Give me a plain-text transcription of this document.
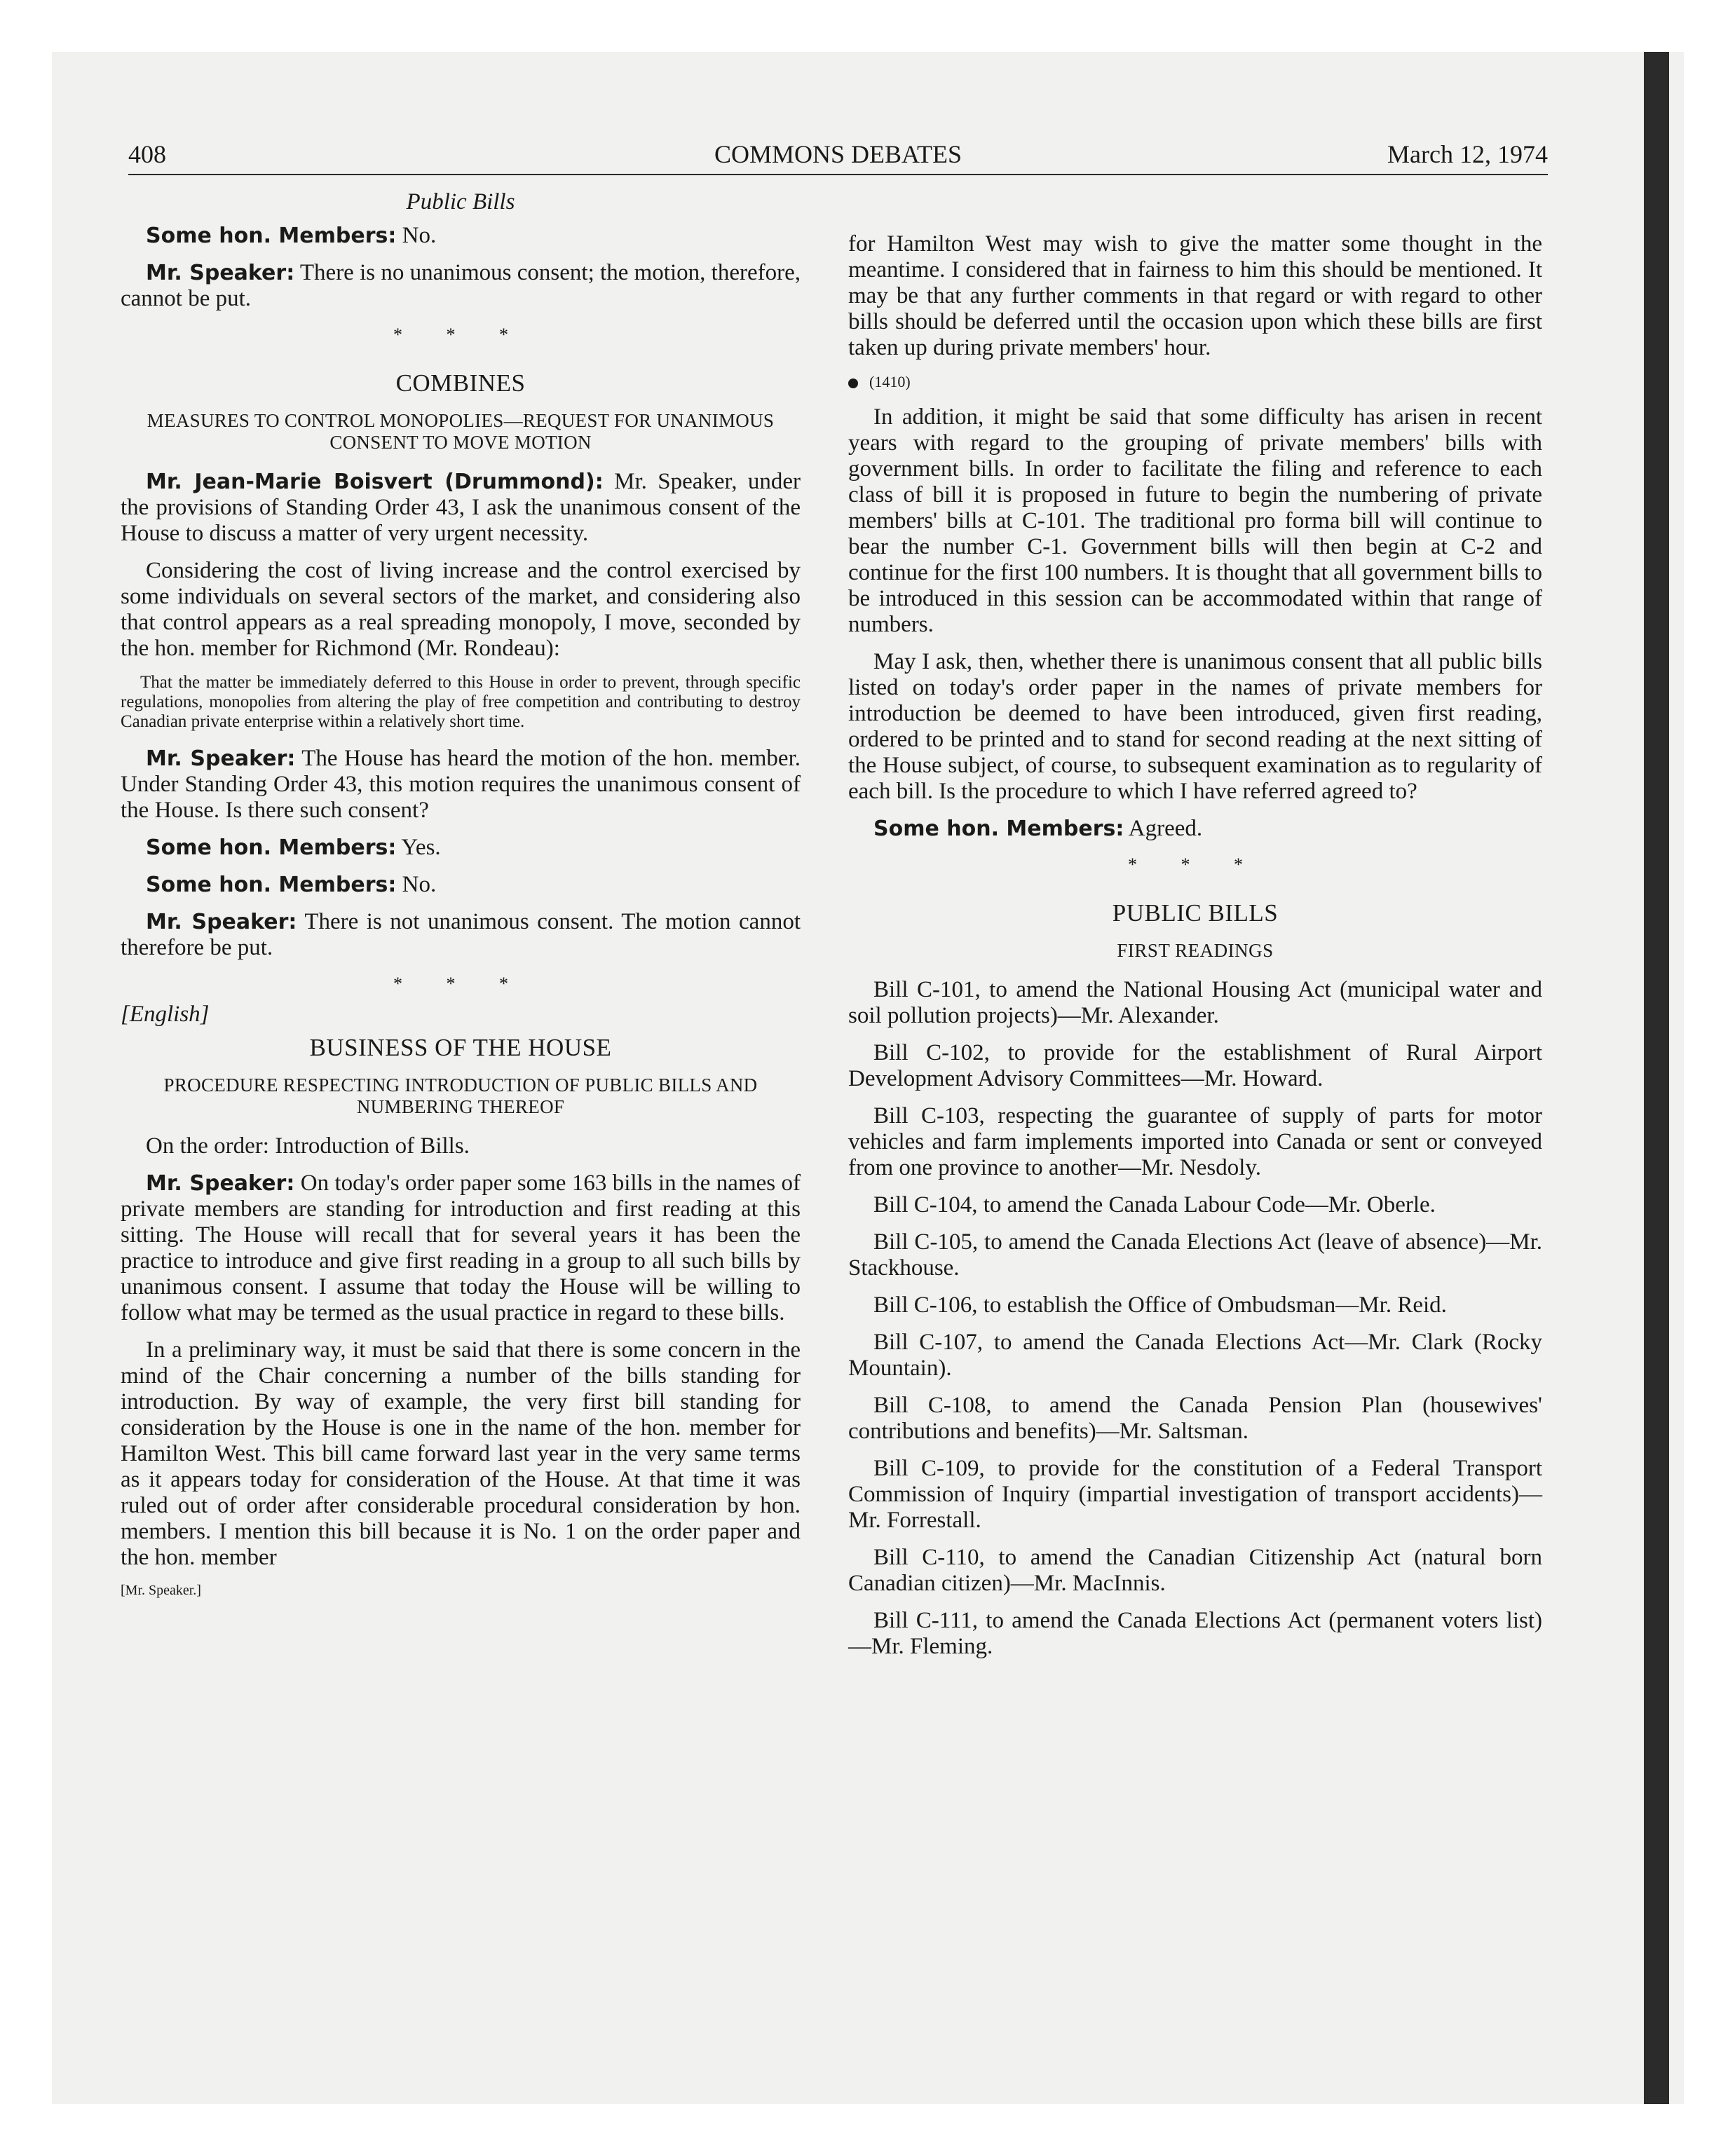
408	COMMONS DEBATES	March 12, 1974
Public Bills

Some hon. Members: No.

Mr. Speaker: There is no unanimous consent; the motion, therefore, cannot be put.

* * *
COMBINES
MEASURES TO CONTROL MONOPOLIES—REQUEST FOR UNANIMOUS CONSENT TO MOVE MOTION

Mr. Jean-Marie Boisvert (Drummond): Mr. Speaker, under the provisions of Standing Order 43, I ask the unanimous consent of the House to discuss a matter of very urgent necessity.

Considering the cost of living increase and the control exercised by some individuals on several sectors of the market, and considering also that control appears as a real spreading monopoly, I move, seconded by the hon. member for Richmond (Mr. Rondeau):

That the matter be immediately deferred to this House in order to prevent, through specific regulations, monopolies from altering the play of free competition and contributing to destroy Canadian private enterprise within a relatively short time.

Mr. Speaker: The House has heard the motion of the hon. member. Under Standing Order 43, this motion requires the unanimous consent of the House. Is there such consent?

Some hon. Members: Yes.

Some hon. Members: No.

Mr. Speaker: There is not unanimous consent. The motion cannot therefore be put.

* * *
[English]
BUSINESS OF THE HOUSE
PROCEDURE RESPECTING INTRODUCTION OF PUBLIC BILLS AND NUMBERING THEREOF

On the order: Introduction of Bills.

Mr. Speaker: On today's order paper some 163 bills in the names of private members are standing for introduction and first reading at this sitting. The House will recall that for several years it has been the practice to introduce and give first reading in a group to all such bills by unanimous consent. I assume that today the House will be willing to follow what may be termed as the usual practice in regard to these bills.

In a preliminary way, it must be said that there is some concern in the mind of the Chair concerning a number of the bills standing for introduction. By way of example, the very first bill standing for consideration by the House is one in the name of the hon. member for Hamilton West. This bill came forward last year in the very same terms as it appears today for consideration of the House. At that time it was ruled out of order after considerable procedural consideration by hon. members. I mention this bill because it is No. 1 on the order paper and the hon. member

[Mr. Speaker.]

for Hamilton West may wish to give the matter some thought in the meantime. I considered that in fairness to him this should be mentioned. It may be that any further comments in that regard or with regard to other bills should be deferred until the occasion upon which these bills are first taken up during private members' hour.

(1410)

In addition, it might be said that some difficulty has arisen in recent years with regard to the grouping of private members' bills with government bills. In order to facilitate the filing and reference to each class of bill it is proposed in future to begin the numbering of private members' bills at C-101. The traditional pro forma bill will continue to bear the number C-1. Government bills will then begin at C-2 and continue for the first 100 numbers. It is thought that all government bills to be introduced in this session can be accommodated within that range of numbers.

May I ask, then, whether there is unanimous consent that all public bills listed on today's order paper in the names of private members for introduction be deemed to have been introduced, given first reading, ordered to be printed and to stand for second reading at the next sitting of the House subject, of course, to subsequent examination as to regularity of each bill. Is the procedure to which I have referred agreed to?

Some hon. Members: Agreed.

* * *
PUBLIC BILLS
FIRST READINGS

Bill C-101, to amend the National Housing Act (municipal water and soil pollution projects)—Mr. Alexander.

Bill C-102, to provide for the establishment of Rural Airport Development Advisory Committees—Mr. Howard.

Bill C-103, respecting the guarantee of supply of parts for motor vehicles and farm implements imported into Canada or sent or conveyed from one province to another—Mr. Nesdoly.

Bill C-104, to amend the Canada Labour Code—Mr. Oberle.

Bill C-105, to amend the Canada Elections Act (leave of absence)—Mr. Stackhouse.

Bill C-106, to establish the Office of Ombudsman—Mr. Reid.

Bill C-107, to amend the Canada Elections Act—Mr. Clark (Rocky Mountain).

Bill C-108, to amend the Canada Pension Plan (housewives' contributions and benefits)—Mr. Saltsman.

Bill C-109, to provide for the constitution of a Federal Transport Commission of Inquiry (impartial investigation of transport accidents)—Mr. Forrestall.

Bill C-110, to amend the Canadian Citizenship Act (natural born Canadian citizen)—Mr. MacInnis.

Bill C-111, to amend the Canada Elections Act (permanent voters list)—Mr. Fleming.
